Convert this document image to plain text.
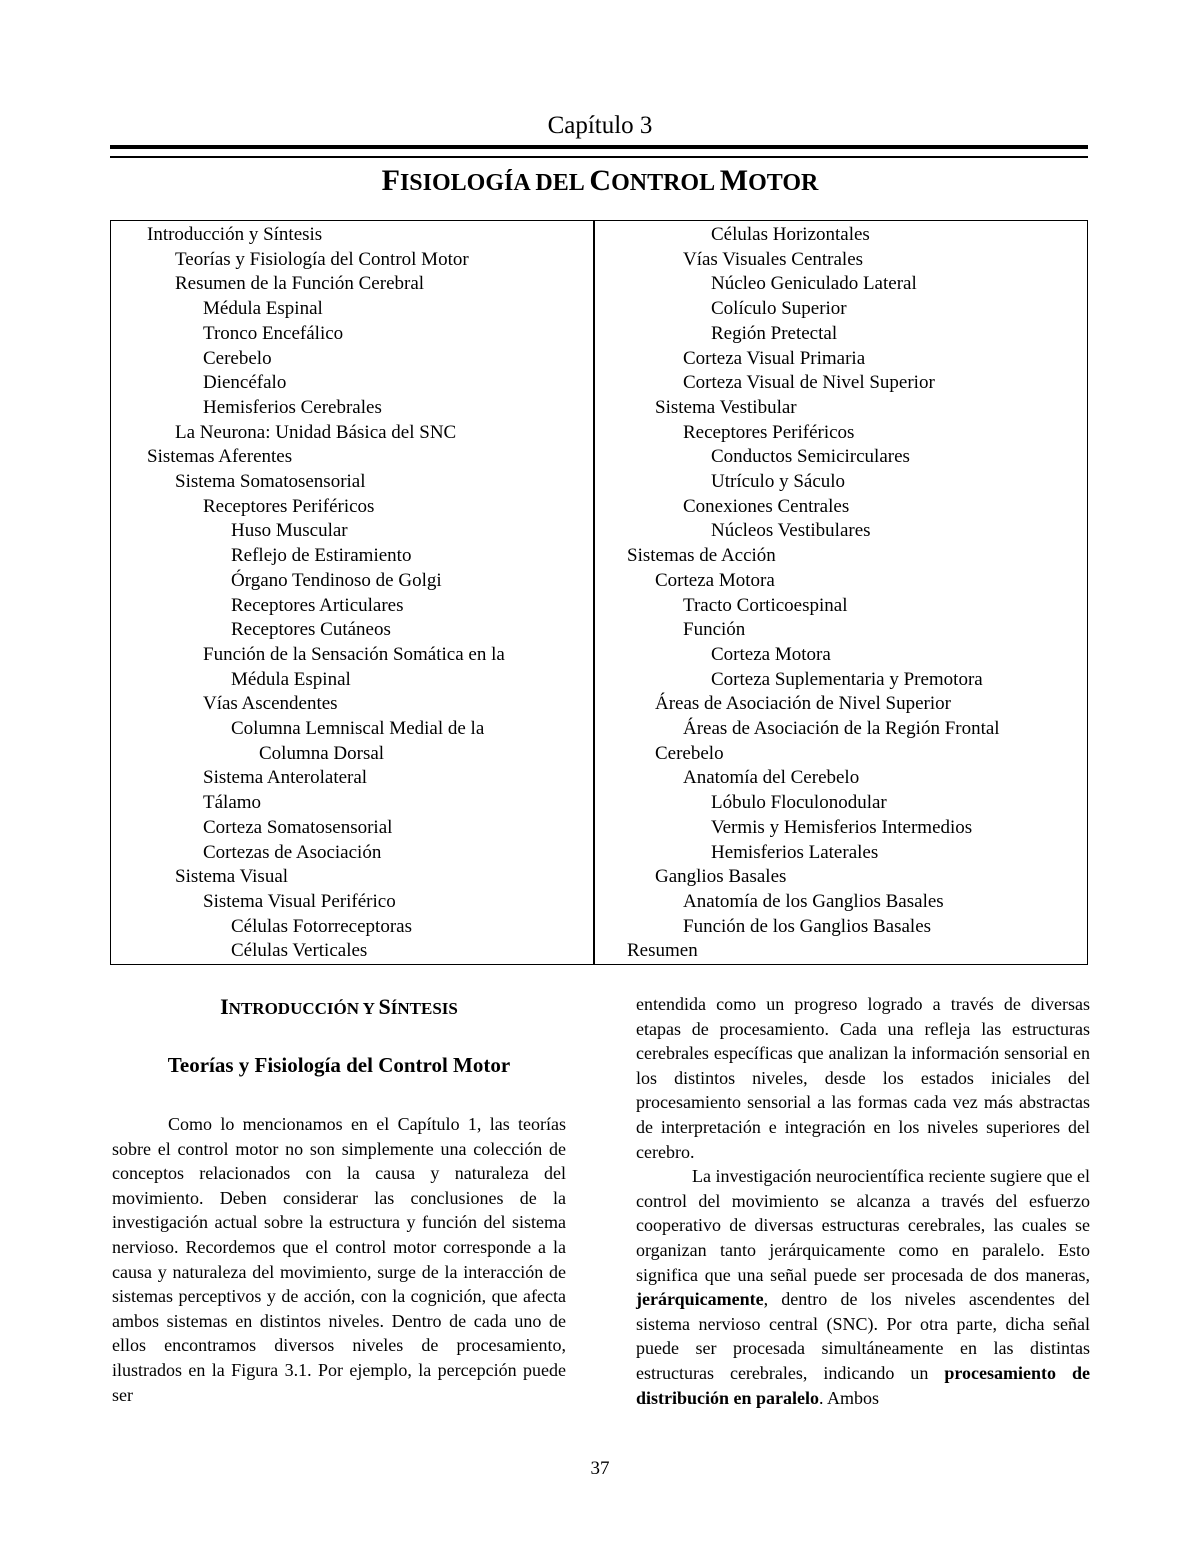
Capítulo 3
FISIOLOGÍA DEL CONTROL MOTOR
Introducción y Síntesis
Teorías y Fisiología del Control Motor
Resumen de la Función Cerebral
Médula Espinal
Tronco Encefálico
Cerebelo
Diencéfalo
Hemisferios Cerebrales
La Neurona: Unidad Básica del SNC
Sistemas Aferentes
Sistema Somatosensorial
Receptores Periféricos
Huso Muscular
Reflejo de Estiramiento
Órgano Tendinoso de Golgi
Receptores Articulares
Receptores Cutáneos
Función de la Sensación Somática en la
Médula Espinal
Vías Ascendentes
Columna Lemniscal Medial de la
Columna Dorsal
Sistema Anterolateral
Tálamo
Corteza Somatosensorial
Cortezas de Asociación
Sistema Visual
Sistema Visual Periférico
Células Fotorreceptoras
Células Verticales
Células Horizontales
Vías Visuales Centrales
Núcleo Geniculado Lateral
Colículo Superior
Región Pretectal
Corteza Visual Primaria
Corteza Visual de Nivel Superior
Sistema Vestibular
Receptores Periféricos
Conductos Semicirculares
Utrículo y Sáculo
Conexiones Centrales
Núcleos Vestibulares
Sistemas de Acción
Corteza Motora
Tracto Corticoespinal
Función
Corteza Motora
Corteza Suplementaria y Premotora
Áreas de Asociación de Nivel Superior
Áreas de Asociación de la Región Frontal
Cerebelo
Anatomía del Cerebelo
Lóbulo Floculonodular
Vermis y Hemisferios Intermedios
Hemisferios Laterales
Ganglios Basales
Anatomía de los Ganglios Basales
Función de los Ganglios Basales
Resumen
INTRODUCCIÓN Y SÍNTESIS
Teorías y Fisiología del Control Motor

Como lo mencionamos en el Capítulo 1, las teorías sobre el control motor no son simplemente una colección de conceptos relacionados con la causa y naturaleza del movimiento. Deben considerar las conclusiones de la investigación actual sobre la estructura y función del sistema nervioso. Recordemos que el control motor corresponde a la causa y naturaleza del movimiento, surge de la interacción de sistemas perceptivos y de acción, con la cognición, que afecta ambos sistemas en distintos niveles. Dentro de cada uno de ellos encontramos diversos niveles de procesamiento, ilustrados en la Figura 3.1. Por ejemplo, la percepción puede ser

entendida como un progreso logrado a través de diversas etapas de procesamiento. Cada una refleja las estructuras cerebrales específicas que analizan la información sensorial en los distintos niveles, desde los estados iniciales del procesamiento sensorial a las formas cada vez más abstractas de interpretación e integración en los niveles superiores del cerebro.

La investigación neurocientífica reciente sugiere que el control del movimiento se alcanza a través del esfuerzo cooperativo de diversas estructuras cerebrales, las cuales se organizan tanto jerárquicamente como en paralelo. Esto significa que una señal puede ser procesada de dos maneras, jerárquicamente, dentro de los niveles ascendentes del sistema nervioso central (SNC). Por otra parte, dicha señal puede ser procesada simultáneamente en las distintas estructuras cerebrales, indicando un procesamiento de distribución en paralelo. Ambos

37
